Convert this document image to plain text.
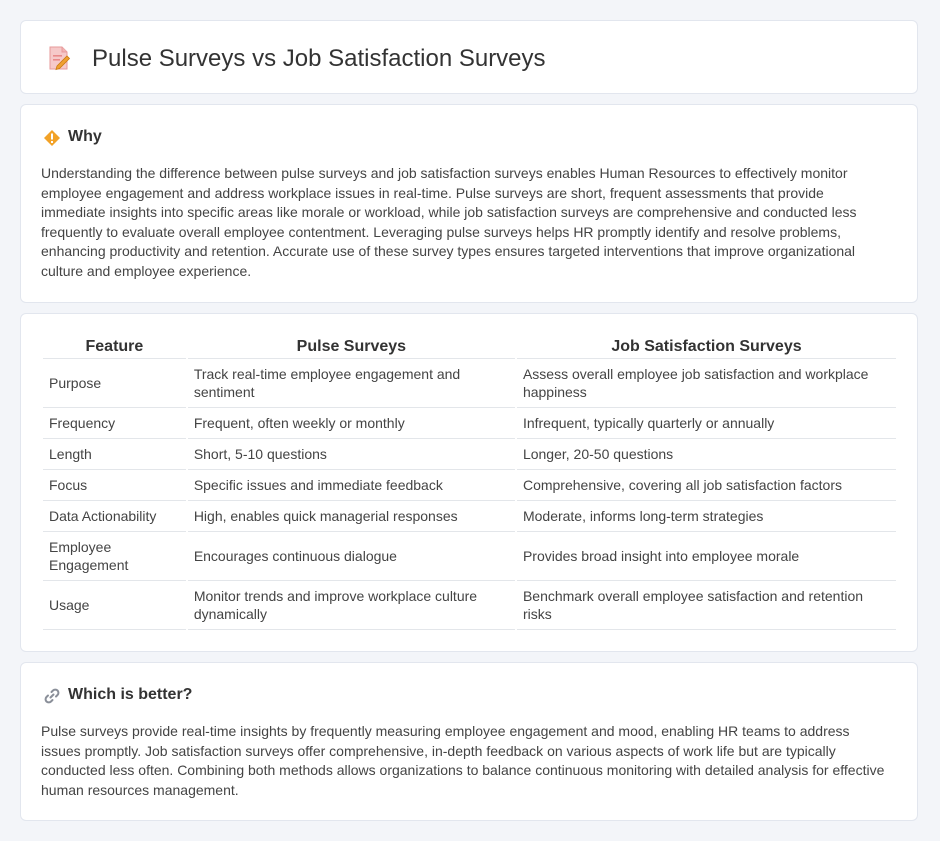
Pulse Surveys vs Job Satisfaction Surveys
Why

Understanding the difference between pulse surveys and job satisfaction surveys enables Human Resources to effectively monitor employee engagement and address workplace issues in real-time. Pulse surveys are short, frequent assessments that provide immediate insights into specific areas like morale or workload, while job satisfaction surveys are comprehensive and conducted less frequently to evaluate overall employee contentment. Leveraging pulse surveys helps HR promptly identify and resolve problems, enhancing productivity and retention. Accurate use of these survey types ensures targeted interventions that improve organizational culture and employee experience.

Feature	Pulse Surveys	Job Satisfaction Surveys
Purpose	Track real-time employee engagement and sentiment	Assess overall employee job satisfaction and workplace happiness
Frequency	Frequent, often weekly or monthly	Infrequent, typically quarterly or annually
Length	Short, 5-10 questions	Longer, 20-50 questions
Focus	Specific issues and immediate feedback	Comprehensive, covering all job satisfaction factors
Data Actionability	High, enables quick managerial responses	Moderate, informs long-term strategies
Employee Engagement	Encourages continuous dialogue	Provides broad insight into employee morale
Usage	Monitor trends and improve workplace culture dynamically	Benchmark overall employee satisfaction and retention risks
Which is better?

Pulse surveys provide real-time insights by frequently measuring employee engagement and mood, enabling HR teams to address issues promptly. Job satisfaction surveys offer comprehensive, in-depth feedback on various aspects of work life but are typically conducted less often. Combining both methods allows organizations to balance continuous monitoring with detailed analysis for effective human resources management.
